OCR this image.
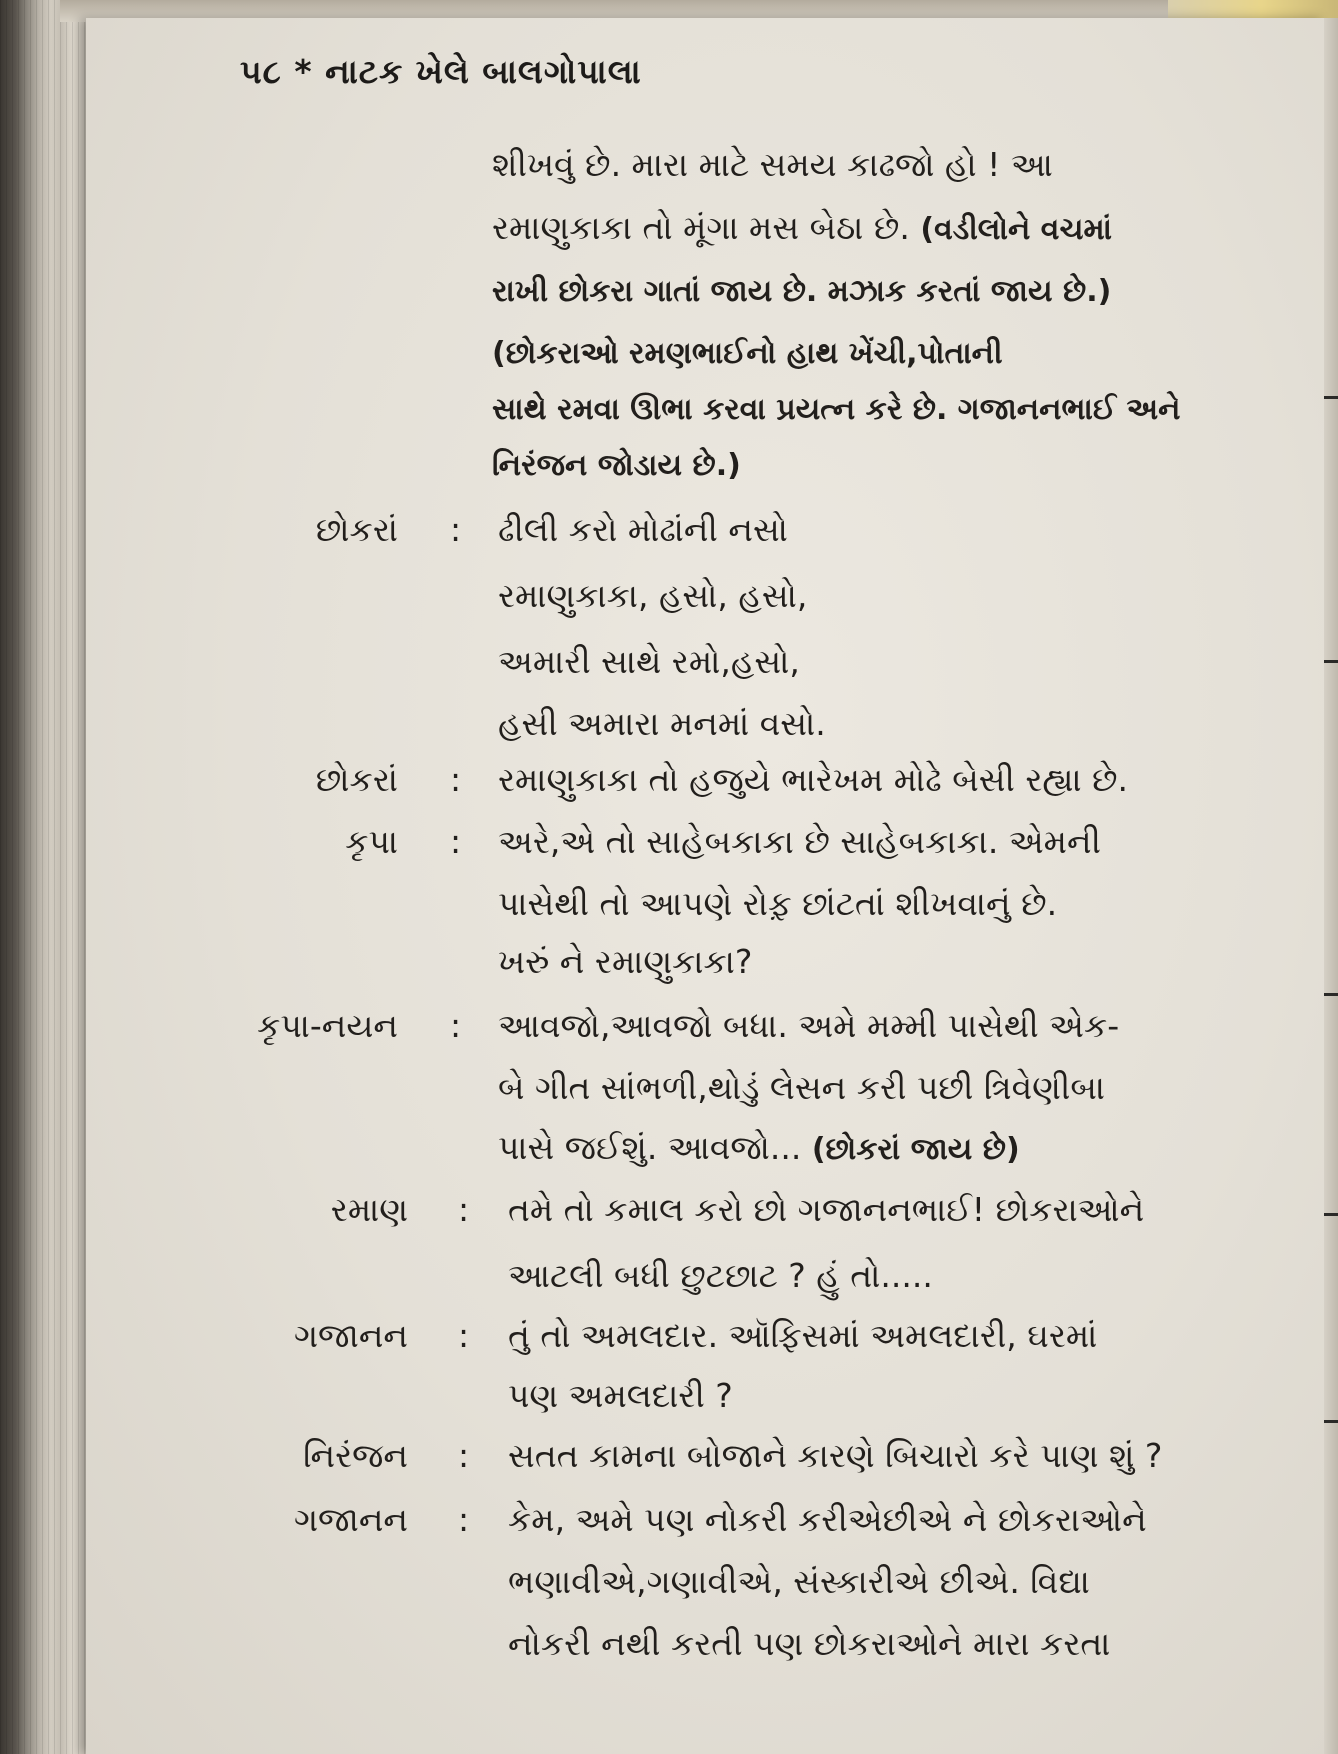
૫૮ * નાટક ખેલે બાલગોપાલા
શીખવું છે. મારા માટે સમય કાઢજો હો ! આ
રમાણુકાકા તો મૂંગા મસ બેઠા છે. (વડીલોને વચમાં
રાખી છોકરા ગાતાં જાય છે. મઝાક કરતાં જાય છે.)
(છોકરાઓ રમણભાઈનો હાથ ખેંચી,પોતાની
સાથે રમવા ઊભા કરવા પ્રયત્ન કરે છે. ગજાનનભાઈ અને
નિરંજન જોડાય છે.)
છોકરાં : ઢીલી કરો મોઢાંની નસો
રમાણુકાકા, હસો, હસો,
અમારી સાથે રમો,હસો,
હસી અમારા મનમાં વસો.
છોકરાં : રમાણુકાકા તો હજુયે ભારેખમ મોઢે બેસી રહ્યા છે.
કૃપા : અરે,એ તો સાહેબકાકા છે સાહેબકાકા. એમની
પાસેથી તો આપણે રોફ઼ છાંટતાં શીખવાનું છે.
ખરું ને રમાણુકાકા?
કૃપા-નયન : આવજો,આવજો બધા. અમે મમ્મી પાસેથી એક-
બે ગીત સાંભળી,થોડું લેસન કરી પછી ત્રિવેણીબા
પાસે જઈશું. આવજો... (છોકરાં જાય છે)
રમાણ : તમે તો કમાલ કરો છો ગજાનનભાઈ! છોકરાઓને
આટલી બધી છુટછાટ ? હું તો.....
ગજાનન : તું તો અમલદાર. ઑફિસમાં અમલદારી, ઘરમાં
પણ અમલદારી ?
નિરંજન : સતત કામના બોજાને કારણે બિચારો કરે પાણ શું ?
ગજાનન : કેમ, અમે પણ નોકરી કરીએછીએ ને છોકરાઓને
ભણાવીએ,ગણાવીએ, સંસ્કારીએ છીએ. વિદ્યા
નોકરી નથી કરતી પણ છોકરાઓને મારા કરતા
